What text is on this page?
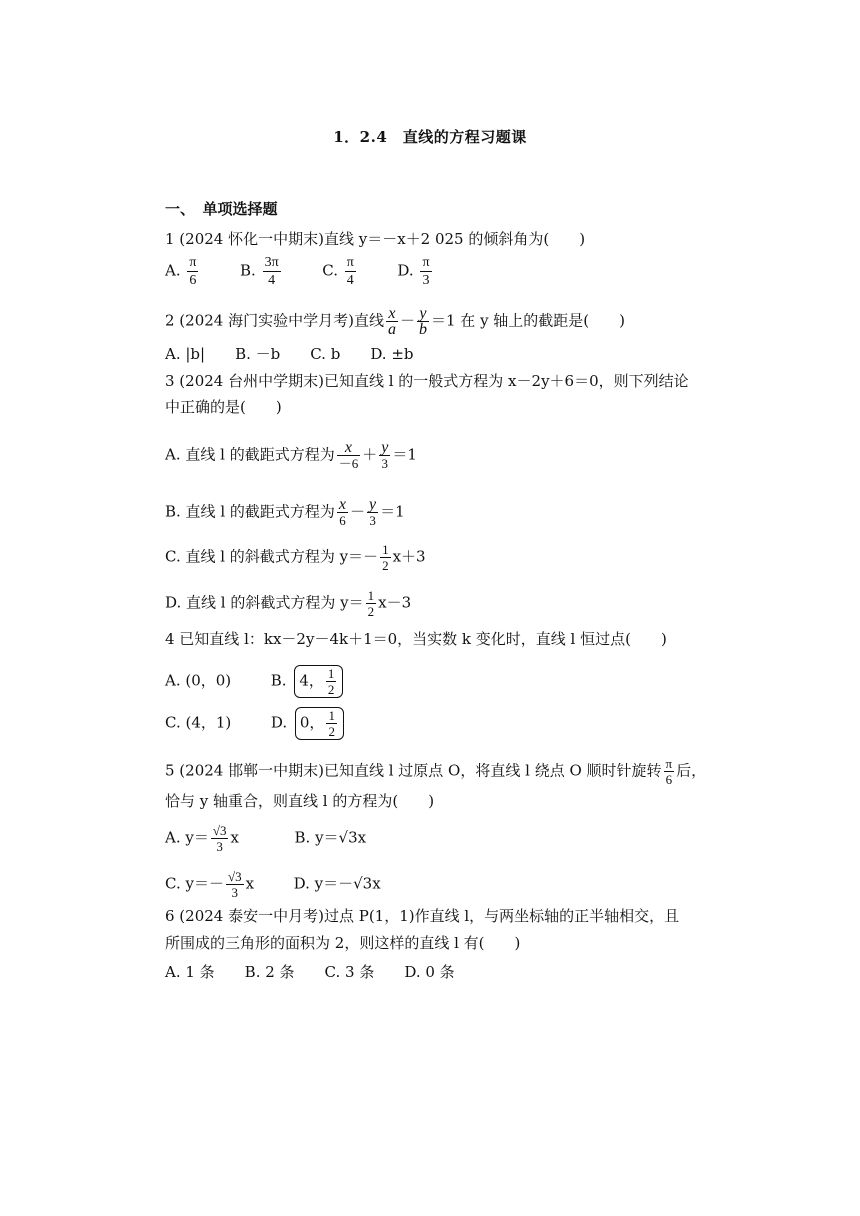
1．2.4　直线的方程习题课
一、　单项选择题
1 (2024 怀化一中期末)直线 y＝－x＋2 025 的倾斜角为(　　)
A. $\frac{\pi}{6}$	B. $\frac{3\pi}{4}$	C. $\frac{\pi}{4}$	D. $\frac{\pi}{3}$
2 (2024 海门实验中学月考)直线 $\frac{x}{a} - \frac{y}{b} =1$ 在 y 轴上的截距是(　　)
A. |b|　　B. －b　　C. b　　D. ±b
3 (2024 台州中学期末)已知直线 l 的一般式方程为 x－2y＋6＝0，则下列结论
中正确的是(　　)
A. 直线 l 的截距式方程为 $\frac{x}{-6} + \frac{y}{3} =1$
B. 直线 l 的截距式方程为 $\frac{x}{6} - \frac{y}{3} =1$
C. 直线 l 的斜截式方程为 $y=- \frac{1}{2} x+3$
D. 直线 l 的斜截式方程为 $y= \frac{1}{2} x-3$
4 已知直线 l：kx－2y－4k＋1＝0，当实数 k 变化时，直线 l 恒过点(　　)
A. (0，0)	B. 4， $\frac{1}{2}$
C. (4，1)	D. 0， $\frac{1}{2}$
5 (2024 邯郸一中期末)已知直线 l 过原点 O，将直线 l 绕点 O 顺时针旋转 $\frac{\pi}{6}$ 后，
恰与 y 轴重合，则直线 l 的方程为(　　)
A. $y= \frac{√3}{3}$ x	B. y＝√3x
C. $y=- \frac{√3}{3}$ x	D. y＝－√3x
6 (2024 泰安一中月考)过点 P(1，1)作直线 l，与两坐标轴的正半轴相交，且
所围成的三角形的面积为 2，则这样的直线 l 有(　　)
A. 1 条　　B. 2 条　　C. 3 条　　D. 0 条
